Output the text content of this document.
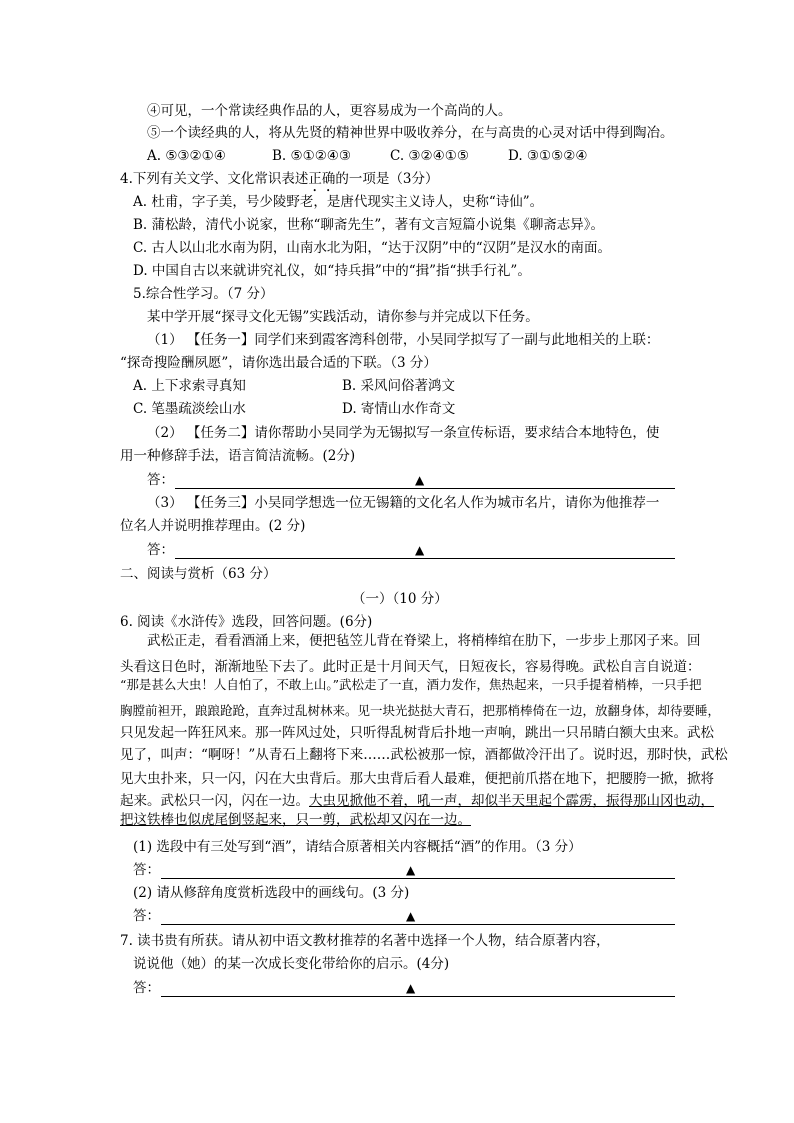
④可见，一个常读经典作品的人，更容易成为一个高尚的人。
⑤一个读经典的人，将从先贤的精神世界中吸收养分，在与高贵的心灵对话中得到陶冶。
A. ⑤③②①④	B. ⑤①②④③	C. ③②④①⑤	D. ③①⑤②④
4.下列有关文学、文化常识表述正确的一项是（3分）
A. 杜甫，字子美，号少陵野老，是唐代现实主义诗人，史称“诗仙”。
B. 蒲松龄，清代小说家，世称“聊斋先生”，著有文言短篇小说集《聊斋志异》。
C. 古人以山北水南为阴，山南水北为阳，“达于汉阴”中的“汉阴”是汉水的南面。
D. 中国自古以来就讲究礼仪，如“持兵揖”中的“揖”指“拱手行礼”。
5.综合性学习。（7 分）
某中学开展“探寻文化无锡”实践活动，请你参与并完成以下任务。
（1） 【任务一】同学们来到霞客湾科创带，小吴同学拟写了一副与此地相关的上联：
“探奇搜险酬夙愿”，请你选出最合适的下联。（3 分）
A. 上下求索寻真知	B. 采风问俗著鸿文
C. 笔墨疏淡绘山水	D. 寄情山水作奇文
（2） 【任务二】请你帮助小吴同学为无锡拟写一条宣传标语，要求结合本地特色，使
用一种修辞手法，语言简洁流畅。(2分)
答：	▲
（3） 【任务三】小吴同学想选一位无锡籍的文化名人作为城市名片，请你为他推荐一
位名人并说明推荐理由。(2 分)
答：	▲
二、阅读与赏析（63 分）
（一）（10 分）
6. 阅读《水浒传》选段，回答问题。(6分)
武松正走，看看酒涌上来，便把毡笠儿背在脊梁上，将梢棒绾在肋下，一步步上那冈子来。回
头看这日色时，渐渐地坠下去了。此时正是十月间天气，日短夜长，容易得晚。武松自言自说道：
“那是甚么大虫！人自怕了，不敢上山。”武松走了一直，酒力发作，焦热起来，一只手提着梢棒，一只手把
胸膛前袒开，踉踉跄跄，直奔过乱树林来。见一块光挞挞大青石，把那梢棒倚在一边，放翻身体，却待要睡，
只见发起一阵狂风来。那一阵风过处，只听得乱树背后扑地一声响，跳出一只吊睛白额大虫来。武松
见了，叫声：“啊呀！”从青石上翻将下来……武松被那一惊，酒都做冷汗出了。说时迟，那时快，武松
见大虫扑来，只一闪，闪在大虫背后。那大虫背后看人最难，便把前爪搭在地下，把腰胯一掀，掀将
起来。武松只一闪，闪在一边。大虫见掀他不着，吼一声，却似半天里起个霹雳，振得那山冈也动，
把这铁棒也似虎尾倒竖起来，只一剪，武松却又闪在一边。
(1) 选段中有三处写到“酒”，请结合原著相关内容概括“酒”的作用。（3 分）
答：	▲
(2) 请从修辞角度赏析选段中的画线句。(3 分)
答：	▲
7. 读书贵有所获。请从初中语文教材推荐的名著中选择一个人物，结合原著内容，
说说他（她）的某一次成长变化带给你的启示。(4分)
答：	▲
